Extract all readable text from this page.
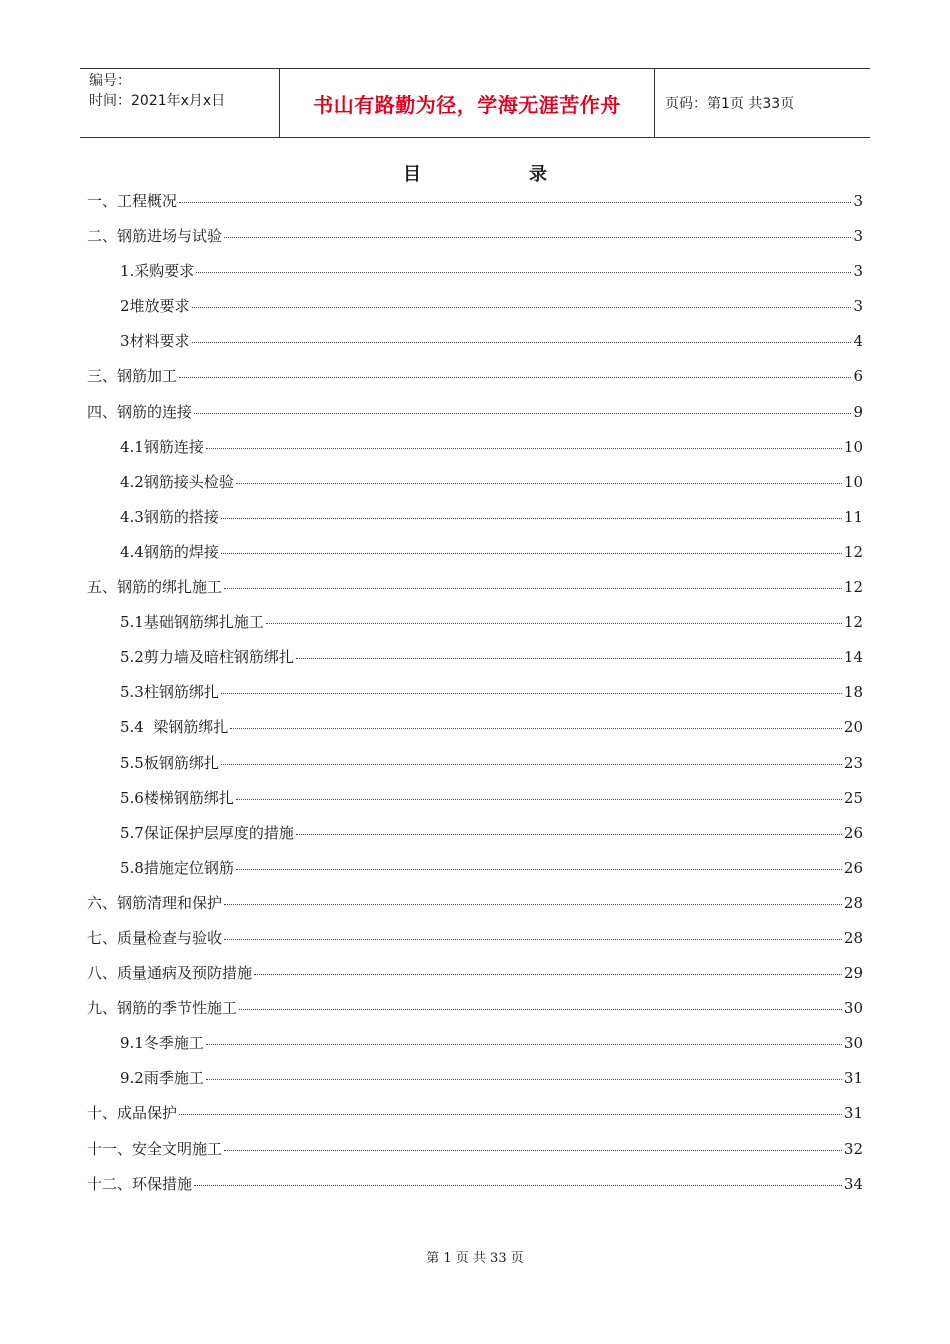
编号：
时间：2021年x月x日	书山有路勤为径，学海无涯苦作舟	页码：第1页 共33页
目录
一、工程概况	3
二、钢筋进场与试验	3
1.采购要求	3
2堆放要求	3
3材料要求	4
三、钢筋加工	6
四、钢筋的连接	9
4.1钢筋连接	10
4.2钢筋接头检验	10
4.3钢筋的搭接	11
4.4钢筋的焊接	12
五、钢筋的绑扎施工	12
5.1基础钢筋绑扎施工	12
5.2剪力墙及暗柱钢筋绑扎	14
5.3柱钢筋绑扎	18
5.4  梁钢筋绑扎	20
5.5板钢筋绑扎	23
5.6楼梯钢筋绑扎	25
5.7保证保护层厚度的措施	26
5.8措施定位钢筋	26
六、钢筋清理和保护	28
七、质量检查与验收	28
八、质量通病及预防措施	29
九、钢筋的季节性施工	30
9.1冬季施工	30
9.2雨季施工	31
十、成品保护	31
十一、安全文明施工	32
十二、环保措施	34
第 1 页 共 33 页
